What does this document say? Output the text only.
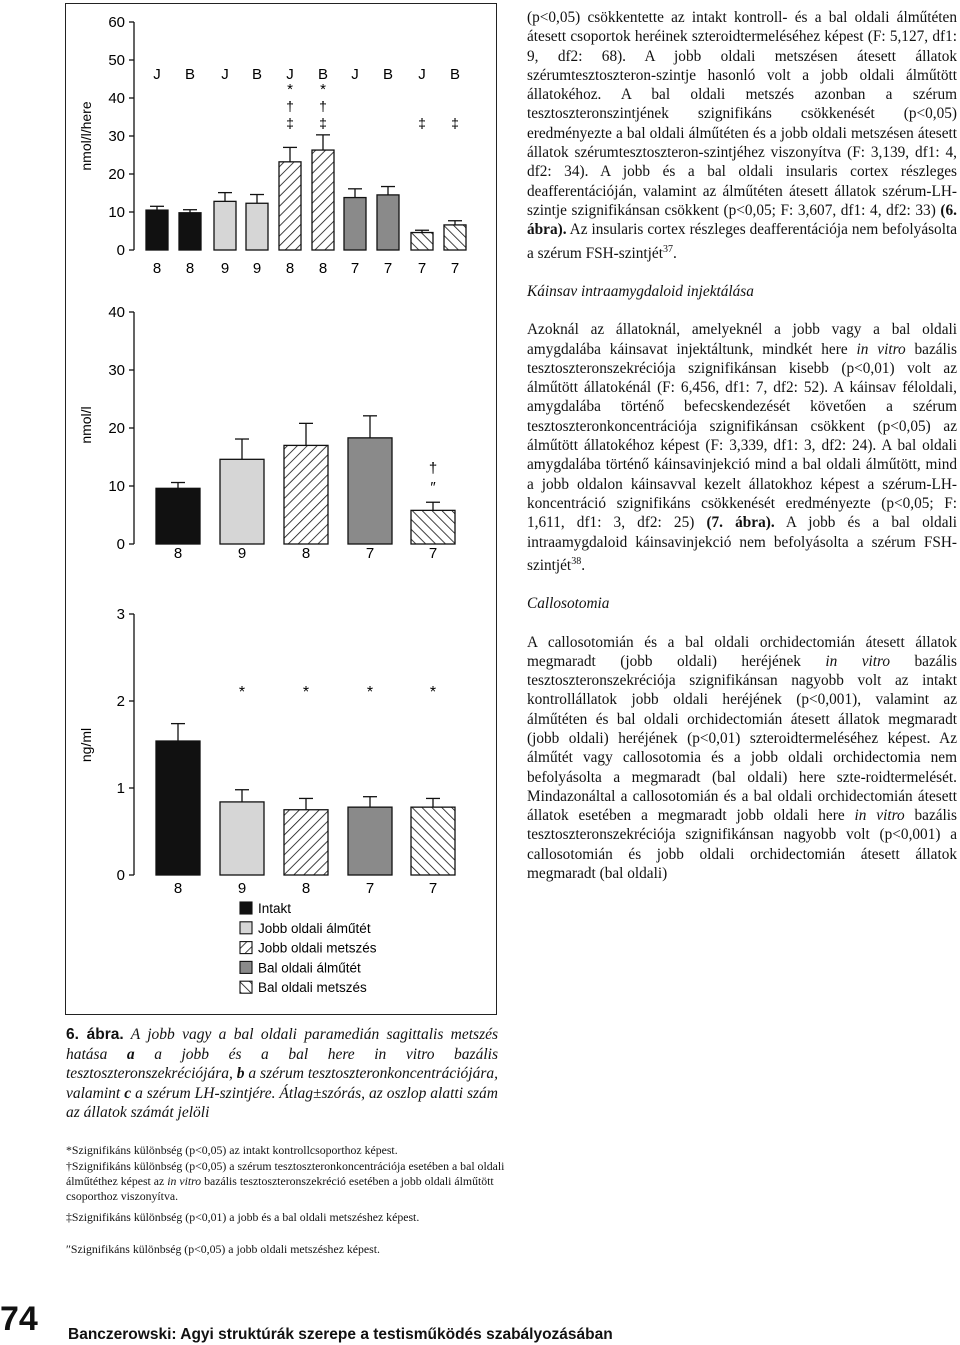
0
10
20
30
40
50
60
nmol/l/here
8 8 9 9 8 8 7 7 7 7
J B J B J B J B J B
*
†
*
†
‡ ‡	‡ ‡
0
10
20
30
40
nmol/l
8	9	8	7	7
†
″
0
1
2
3
ng/ml
8	9	8	7	7
*	*	*	*
Intakt
Jobb oldali álműtét
Jobb oldali metszés
Bal oldali álműtét
Bal oldali metszés
6. ábra. A jobb vagy a bal oldali paramedián sagittalis metszés hatása a a jobb és a bal here in vitro bazális tesztoszteronszekréciójára, b a szérum tesztoszteronkoncentrációjára, valamint c a szérum LH-szintjére. Átlag±szórás, az oszlop alatti szám az állatok számát jelöli
*Szignifikáns különbség (p<0,05) az intakt kontrollcsoporthoz képest.
†Szignifikáns különbség (p<0,05) a szérum tesztoszteronkoncentrációja esetében a bal oldali álműtéthez képest az in vitro bazális tesztoszteronszekréció esetében a jobb oldali álműtött csoporthoz viszonyítva.
‡Szignifikáns különbség (p<0,01) a jobb és a bal oldali metszéshez képest.
″Szignifikáns különbség (p<0,05) a jobb oldali metszéshez képest.

(p<0,05) csökkentette az intakt kontroll- és a bal oldali álműtéten átesett csoportok heréinek szteroidtermeléséhez képest (F: 5,127, df1: 9, df2: 68). A jobb oldali metszésen átesett állatok szérumtesztoszteron-szintje hasonló volt a jobb oldali álműtött állatokéhoz. A bal oldali metszés azonban a szérum tesztoszteronszintjének szignifikáns csökkenését (p<0,05) eredményezte a bal oldali álműtéten és a jobb oldali metszésen átesett állatok szérumtesztoszteron-szintjéhez viszonyítva (F: 3,139, df1: 4, df2: 34). A jobb és a bal oldali insularis cortex részleges deafferentációján, valamint az álműtéten átesett állatok szérum-LH-szintje szignifikánsan csökkent (p<0,05; F: 3,607, df1: 4, df2: 33) (6. ábra). Az insularis cortex részleges deafferentációja nem befolyásolta a szérum FSH-szintjét$^{37}$.

Káinsav intraamygdaloid injektálása

Azoknál az állatoknál, amelyeknél a jobb vagy a bal oldali amygdalába káinsavat injektáltunk, mindkét here in vitro bazális tesztoszteronszekréciója szignifikánsan kisebb (p<0,01) volt az álműtött állatokénál (F: 6,456, df1: 7, df2: 52). A káinsav féloldali, amygdalába történő befecskendezését követően a szérum tesztoszteronkoncentrációja szignifikánsan csökkent (p<0,05) az álműtött állatokéhoz képest (F: 3,339, df1: 3, df2: 24). A bal oldali amygdalába történő káinsavinjekció mind a bal oldali álműtött, mind a jobb oldalon káinsavval kezelt állatokhoz képest a szérum-LH-koncentráció szignifikáns csökkenését eredményezte (p<0,05; F: 1,611, df1: 3, df2: 25) (7. ábra). A jobb és a bal oldali intraamygdaloid káinsavinjekció nem befolyásolta a szérum FSH-szintjét$^{38}$.

Callosotomia

A callosotomián és a bal oldali orchidectomián átesett állatok megmaradt (jobb oldali) heréjének in vitro bazális tesztoszteronszekréciója szignifikánsan nagyobb volt az intakt kontrollállatok jobb oldali heréjének (p<0,001), valamint az álműtéten és bal oldali orchidectomián átesett állatok megmaradt (jobb oldali) heréjének (p<0,01) szteroidtermeléséhez képest. Az álműtét vagy callosotomia és a jobb oldali orchidectomia nem befolyásolta a megmaradt (bal oldali) here szte-roidtermelését. Mindazonáltal a callosotomián és a bal oldali orchidectomián átesett állatok esetében a megmaradt jobb oldali here in vitro bazális tesztoszteronszekréciója szignifikánsan nagyobb volt (p<0,001) a callosotomián és jobb oldali orchidectomián átesett állatok megmaradt (bal oldali)

74 Banczerowski: Agyi struktúrák szerepe a testisműködés szabályozásában
